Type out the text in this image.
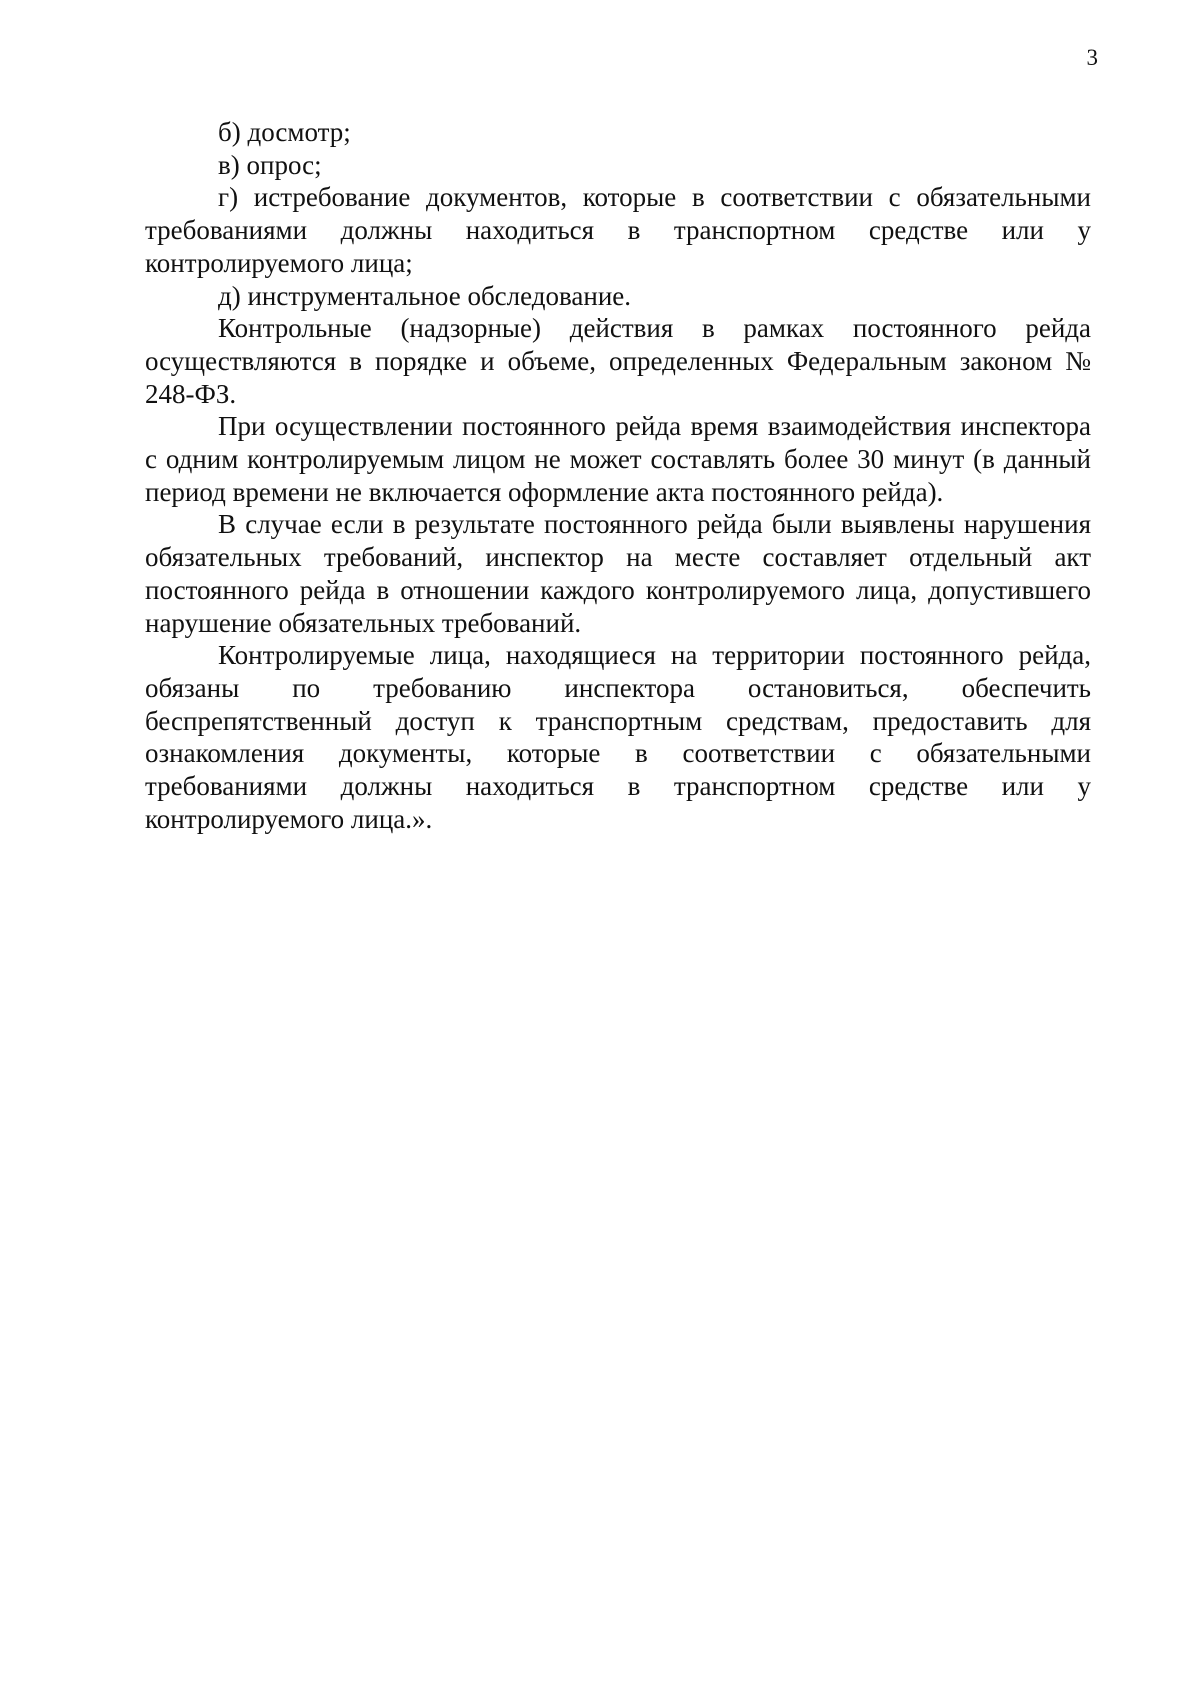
3

б) досмотр;

в) опрос;

г) истребование документов, которые в соответствии с обязательными требованиями должны находиться в транспортном средстве или у контролируемого лица;

д) инструментальное обследование.

Контрольные (надзорные) действия в рамках постоянного рейда осуществляются в порядке и объеме, определенных Федеральным законом № 248-ФЗ.

При осуществлении постоянного рейда время взаимодействия инспектора с одним контролируемым лицом не может составлять более 30 минут (в данный период времени не включается оформление акта постоянного рейда).

В случае если в результате постоянного рейда были выявлены нарушения обязательных требований, инспектор на месте составляет отдельный акт постоянного рейда в отношении каждого контролируемого лица, допустившего нарушение обязательных требований.

Контролируемые лица, находящиеся на территории постоянного рейда, обязаны по требованию инспектора остановиться, обеспечить беспрепятственный доступ к транспортным средствам, предоставить для ознакомления документы, которые в соответствии с обязательными требованиями должны находиться в транспортном средстве или у контролируемого лица.».
